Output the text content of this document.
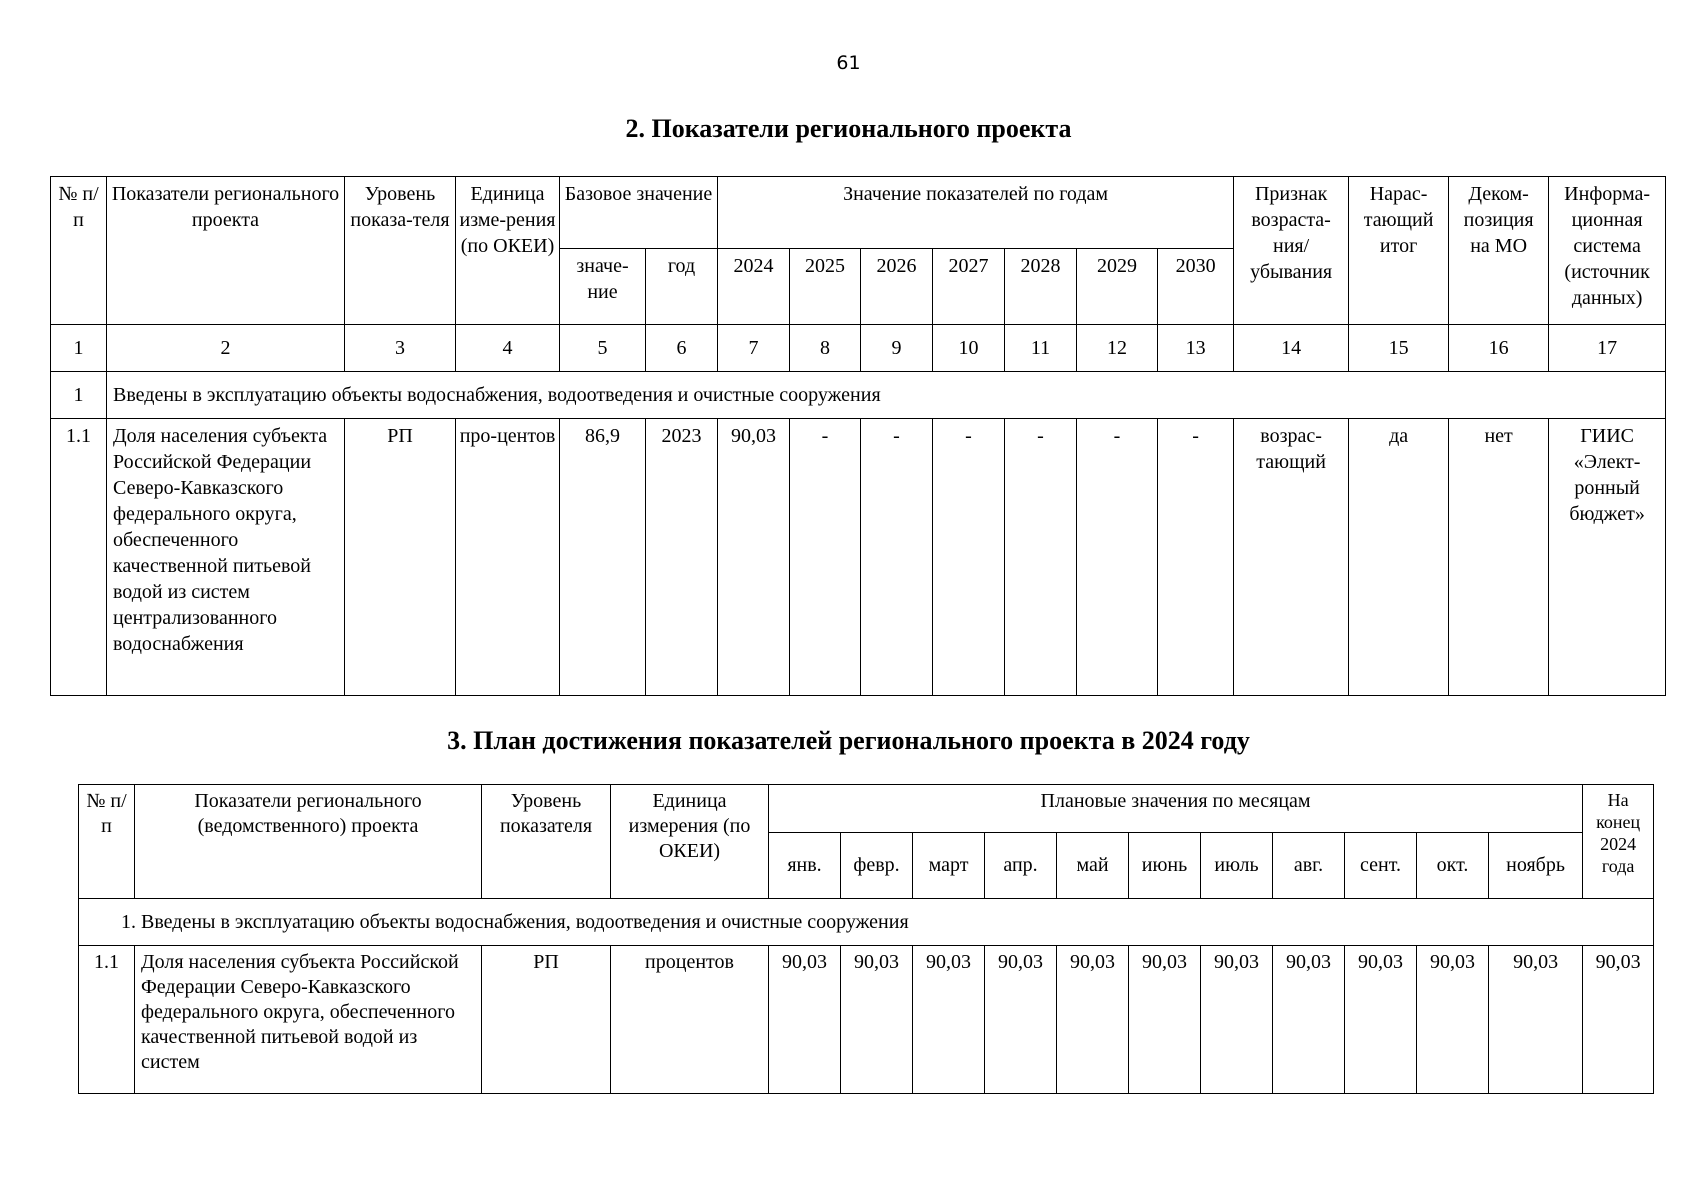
61
2. Показатели регионального проекта
№ п/п	Показатели регионального проекта	Уровень показа-теля	Единица изме-рения (по ОКЕИ)	Базовое значение		Значение показателей по годам							Признак возраста-ния/ убывания	Нарас-тающий итог	Деком-позиция на МО	Информа-ционная система (источник данных)
				значе-ние	год	2024	2025	2026	2027	2028	2029	2030				
1	2	3	4	5	6	7	8	9	10	11	12	13	14	15	16	17
1	Введены в эксплуатацию объекты водоснабжения, водоотведения и очистные сооружения															
1.1	Доля населения субъекта Российской Федерации Северо-Кавказского федерального округа, обеспеченного качественной питьевой водой из систем централизованного водоснабжения	РП	про-центов	86,9	2023	90,03	-	-	-	-	-	-	возрас-тающий	да	нет	ГИИС «Элект-ронный бюджет»
3. План достижения показателей регионального проекта в 2024 году
№ п/п	Показатели регионального (ведомственного) проекта	Уровень показателя	Единица измерения (по ОКЕИ)	Плановые значения по месяцам											На конец 2024 года
				янв.	февр.	март	апр.	май	июнь	июль	авг.	сент.	окт.	ноябрь	
1. Введены в эксплуатацию объекты водоснабжения, водоотведения и очистные сооружения															
1.1	Доля населения субъекта Российской Федерации Северо-Кавказского федерального округа, обеспеченного качественной питьевой водой из систем	РП	процентов	90,03	90,03	90,03	90,03	90,03	90,03	90,03	90,03	90,03	90,03	90,03	90,03
